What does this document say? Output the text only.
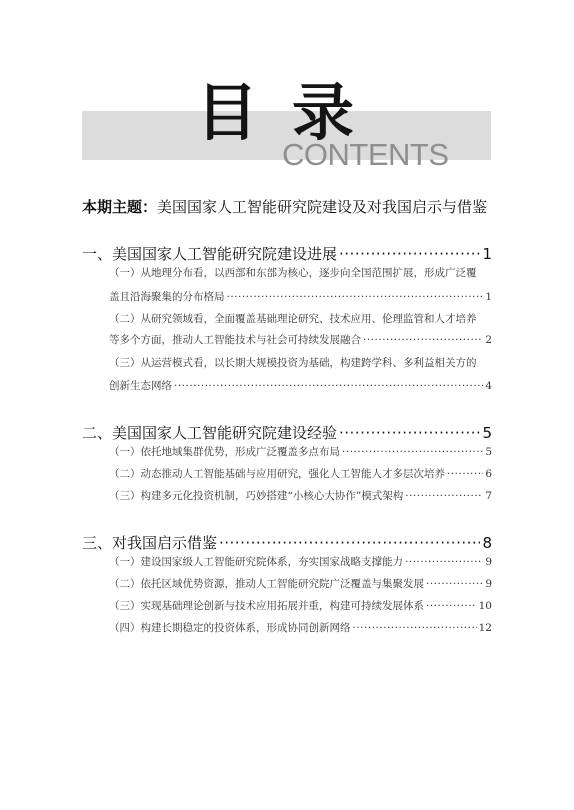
目录
CONTENTS
本期主题：美国国家人工智能研究院建设及对我国启示与借鉴
一、美国国家人工智能研究院建设进展 ·····	1
（一）从地理分布看，以西部和东部为核心，逐步向全国范围扩展，形成广泛覆
盖且沿海聚集的分布格局 ·····	1
（二）从研究领域看，全面覆盖基础理论研究、技术应用、伦理监管和人才培养
等多个方面，推动人工智能技术与社会可持续发展融合 ·····	2
（三）从运营模式看，以长期大规模投资为基础，构建跨学科、多利益相关方的
创新生态网络 ·····	4
二、美国国家人工智能研究院建设经验 ·····	5
（一）依托地域集群优势，形成广泛覆盖多点布局 ·····	5
（二）动态推动人工智能基础与应用研究，强化人工智能人才多层次培养 ·····	6
（三）构建多元化投资机制，巧妙搭建“小核心大协作”模式架构 ·····	7
三、对我国启示借鉴 ·····	8
（一）建设国家级人工智能研究院体系，夯实国家战略支撑能力 ·····	9
（二）依托区域优势资源，推动人工智能研究院广泛覆盖与集聚发展 ·····	9
（三）实现基础理论创新与技术应用拓展并重，构建可持续发展体系 ·····	10
（四）构建长期稳定的投资体系，形成协同创新网络 ·····	12
